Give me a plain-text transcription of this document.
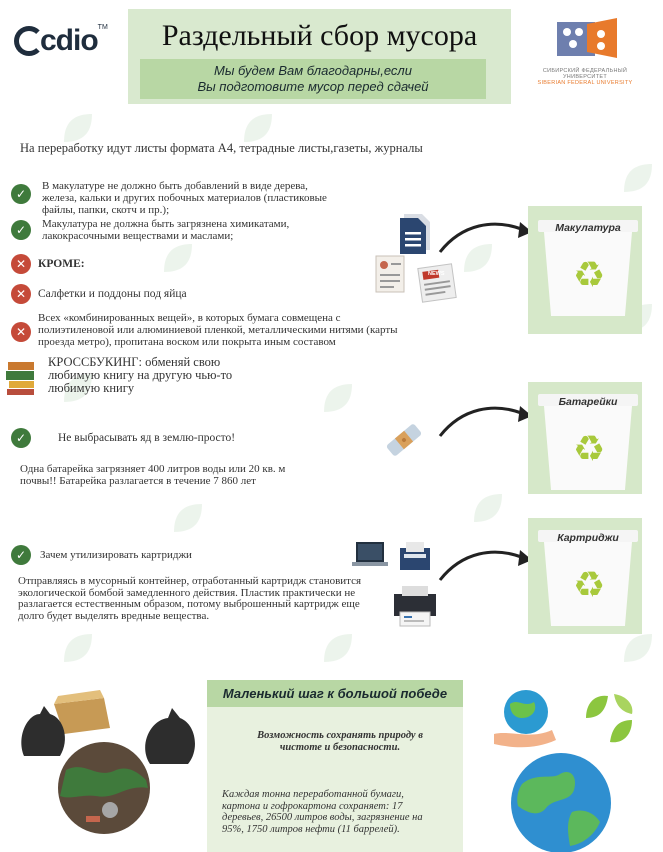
cdio TM	Раздельный сбор мусора
Мы будем Вам благодарны,если
Вы подготовите мусор перед сдачей
СИБИРСКИЙ ФЕДЕРАЛЬНЫЙ УНИВЕРСИТЕТ
SIBERIAN FEDERAL UNIVERSITY
На переработку идут листы формата А4, тетрадные листы,газеты, журналы
✓
В макулатуре не должно быть добавлений в виде дерева,
железа, кальки и других побочных материалов (пластиковые
файлы, папки, скотч и пр.);
✓	Макулатура не должна быть загрязнена химикатами,
лакокрасочными веществами и маслами;
✕	КРОМЕ:
✕	Салфетки и поддоны под яйца
✕
Всех «комбинированных вещей», в которых бумага совмещена с
полиэтиленовой или алюминиевой пленкой, металлическими нитями (карты
проезда метро), пропитана воском или покрыта иным составом
КРОССБУКИНГ: обменяй свою
любимую книгу на другую чью-то
любимую книгу
NEWS
Макулатура
♻
✓	Не выбрасывать яд в землю-просто!
Одна батарейка загрязняет 400 литров воды или 20 кв. м
почвы!! Батарейка разлагается в течение 7 860 лет
Батарейки
♻
✓	Зачем утилизировать картриджи
Отправляясь в мусорный контейнер, отработанный картридж становится
экологической бомбой замедленного действия. Пластик практически не
разлагается естественным образом, потому выброшенный картридж еще
долго будет выделять вредные вещества.
Картриджи
♻
Маленький шаг к большой победе
Возможность сохранять природу в
чистоте и безопасности.
Каждая тонна переработанной бумаги,
картона и гофрокартона сохраняет: 17
деревьев, 26500 литров воды, загрязнение на
95%, 1750 литров нефти (11 баррелей).
